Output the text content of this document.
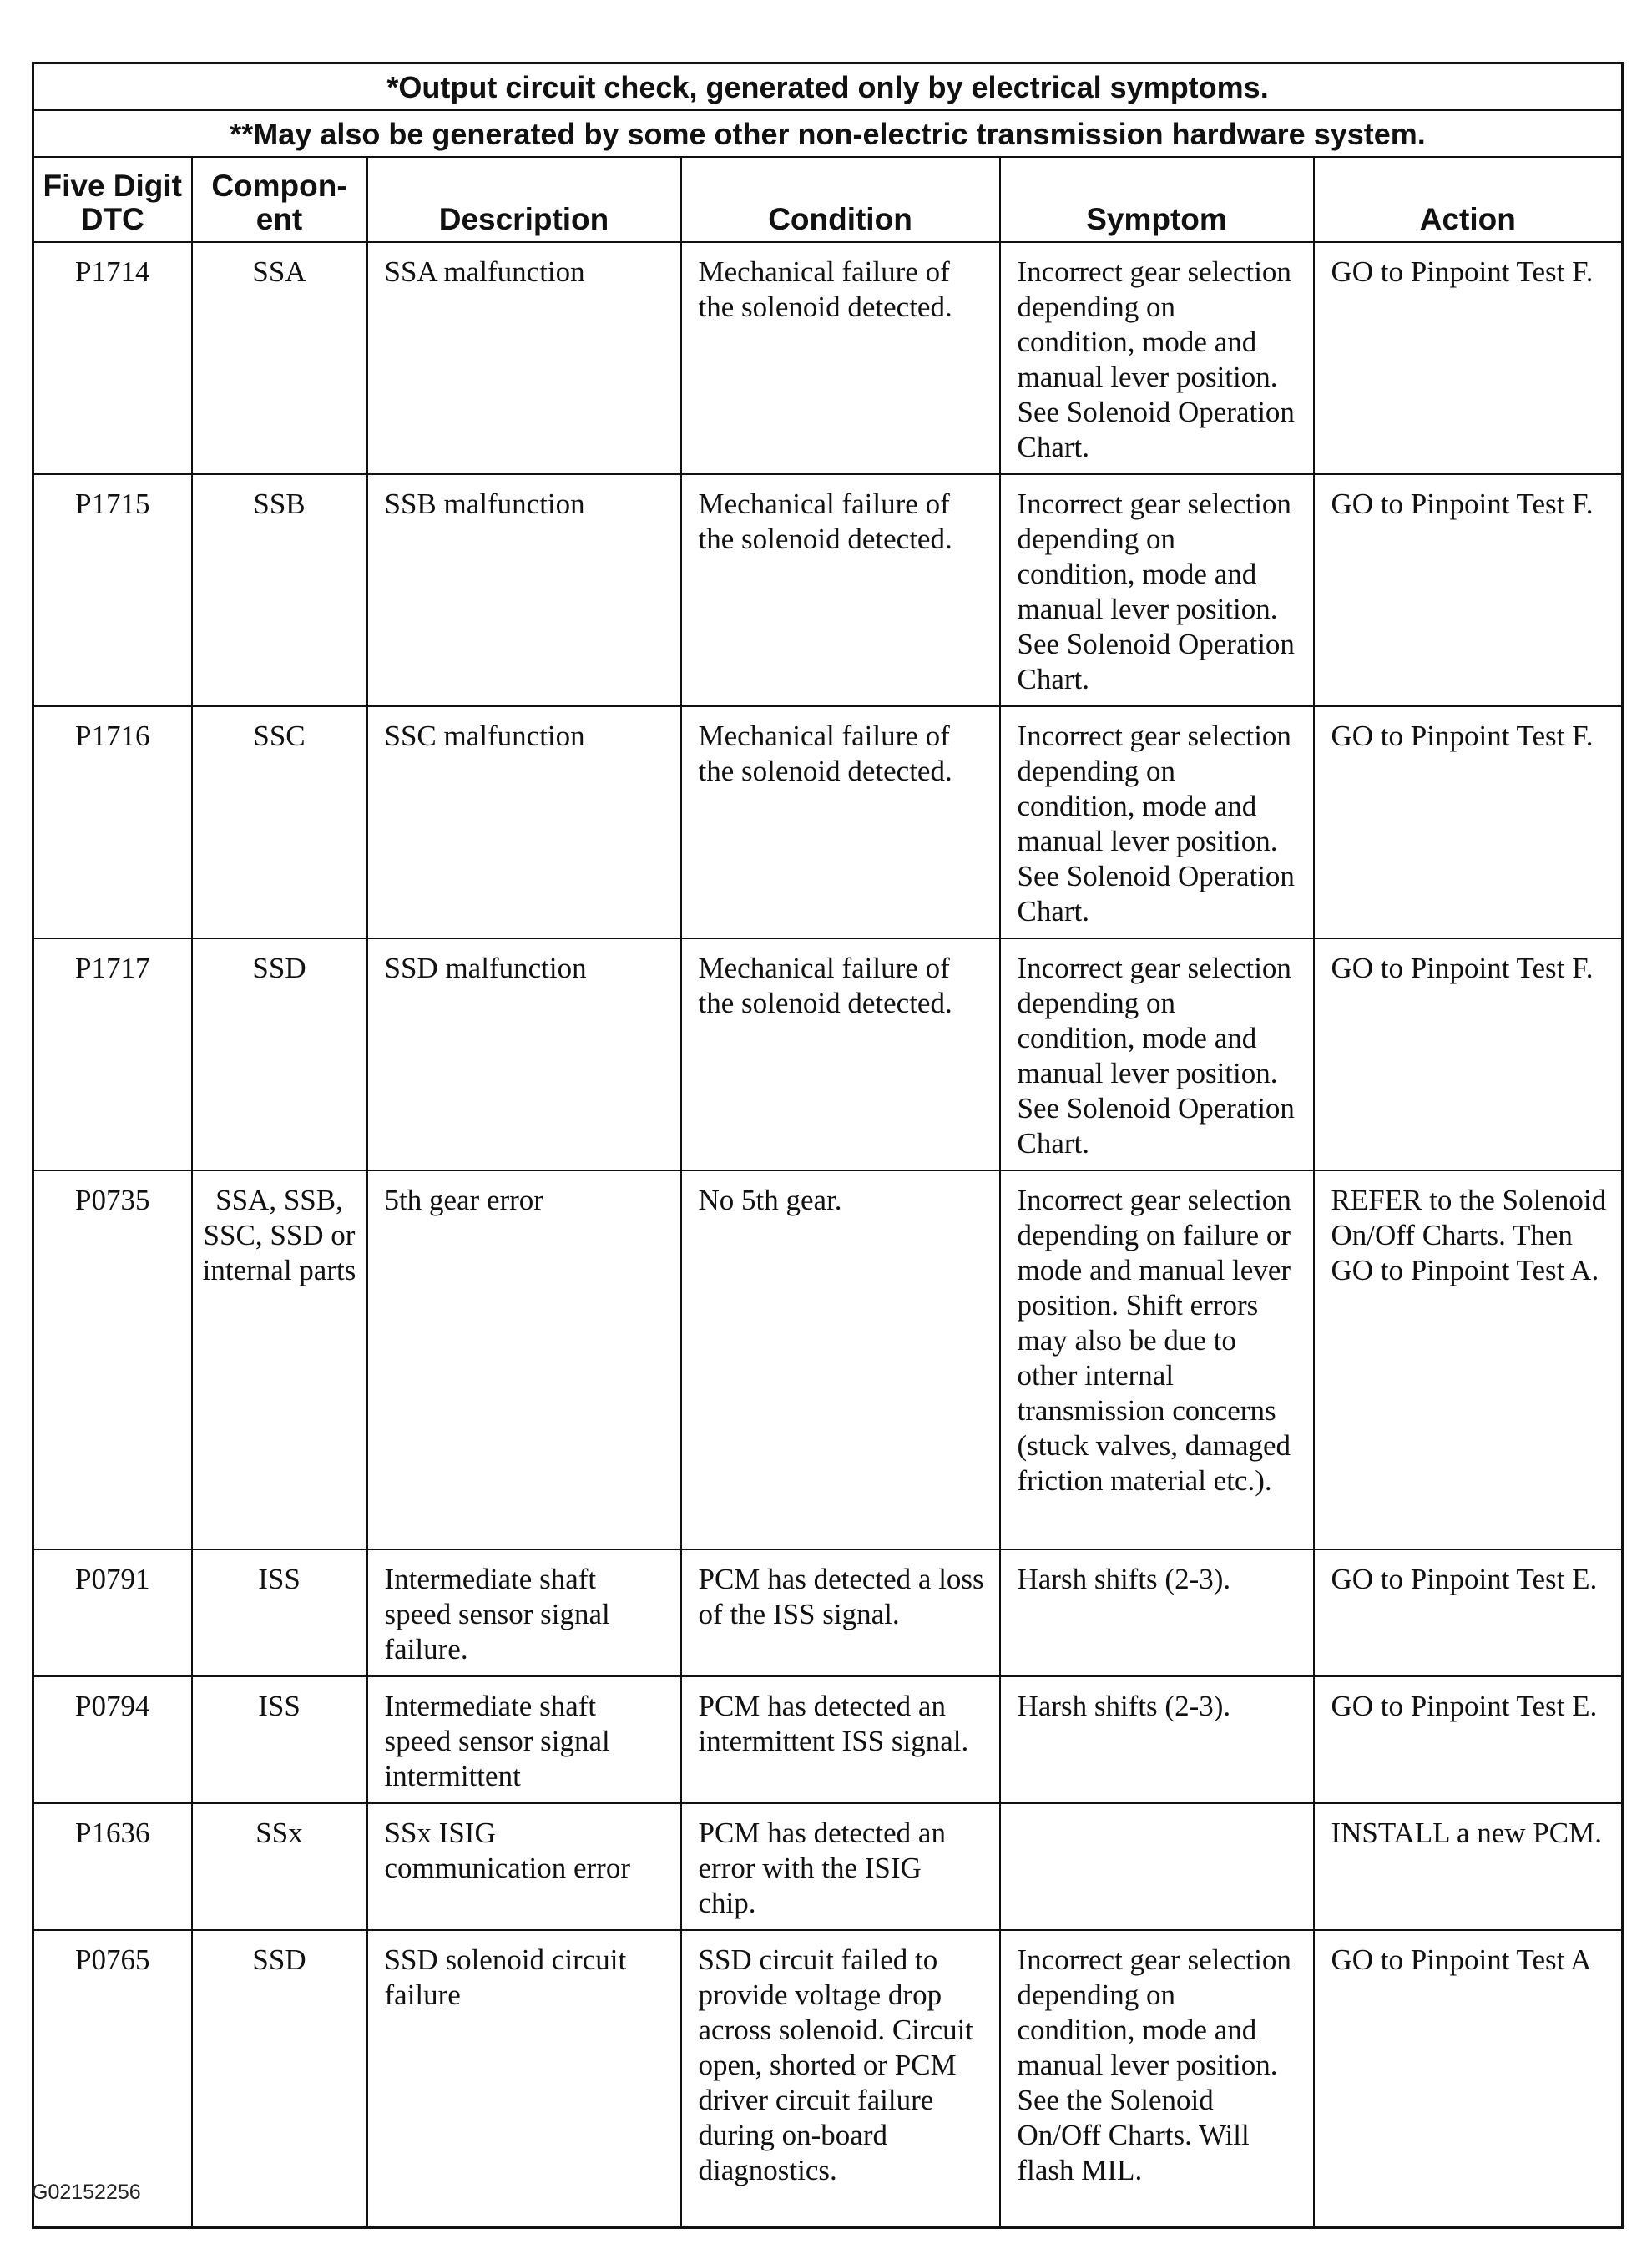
*Output circuit check, generated only by electrical symptoms.					
**May also be generated by some other non-electric transmission hardware system.					
Five Digit DTC	Compon-ent	Description	Condition	Symptom	Action
P1714	SSA	SSA malfunction	Mechanical failure of the solenoid detected.	Incorrect gear selection depending on condition, mode and manual lever position. See Solenoid Operation Chart.	GO to Pinpoint Test F.
P1715	SSB	SSB malfunction	Mechanical failure of the solenoid detected.	Incorrect gear selection depending on condition, mode and manual lever position. See Solenoid Operation Chart.	GO to Pinpoint Test F.
P1716	SSC	SSC malfunction	Mechanical failure of the solenoid detected.	Incorrect gear selection depending on condition, mode and manual lever position. See Solenoid Operation Chart.	GO to Pinpoint Test F.
P1717	SSD	SSD malfunction	Mechanical failure of the solenoid detected.	Incorrect gear selection depending on condition, mode and manual lever position. See Solenoid Operation Chart.	GO to Pinpoint Test F.
P0735	SSA, SSB, SSC, SSD or internal parts	5th gear error	No 5th gear.	Incorrect gear selection depending on failure or mode and manual lever position. Shift errors may also be due to other internal transmission concerns (stuck valves, damaged friction material etc.).	REFER to the Solenoid On/Off Charts. Then GO to Pinpoint Test A.
P0791	ISS	Intermediate shaft speed sensor signal failure.	PCM has detected a loss of the ISS signal.	Harsh shifts (2-3).	GO to Pinpoint Test E.
P0794	ISS	Intermediate shaft speed sensor signal intermittent	PCM has detected an intermittent ISS signal.	Harsh shifts (2-3).	GO to Pinpoint Test E.
P1636	SSx	SSx ISIG communication error	PCM has detected an error with the ISIG chip.		INSTALL a new PCM.
P0765	SSD	SSD solenoid circuit failure	SSD circuit failed to provide voltage drop across solenoid. Circuit open, shorted or PCM driver circuit failure during on-board diagnostics.	Incorrect gear selection depending on condition, mode and manual lever position. See the Solenoid On/Off Charts. Will flash MIL.	GO to Pinpoint Test A
G02152256
